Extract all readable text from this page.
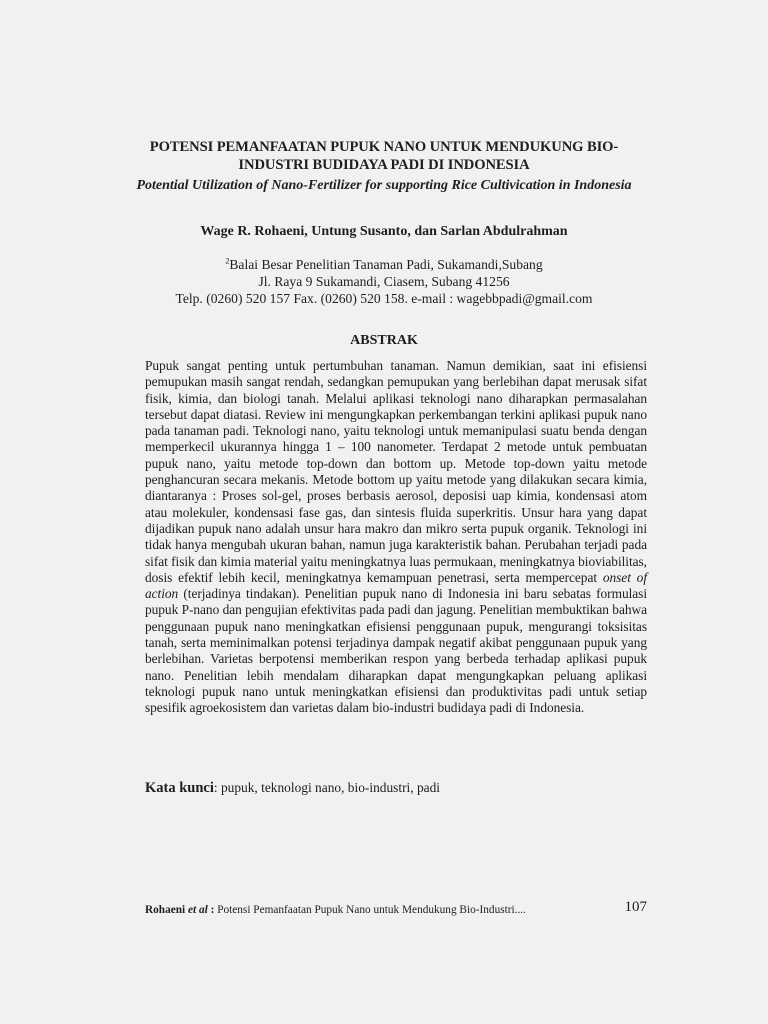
POTENSI PEMANFAATAN PUPUK NANO UNTUK MENDUKUNG BIO-INDUSTRI BUDIDAYA PADI DI INDONESIA
Potential Utilization of Nano-Fertilizer for supporting Rice Cultivication in Indonesia
Wage R. Rohaeni, Untung Susanto, dan Sarlan Abdulrahman
$^2$Balai Besar Penelitian Tanaman Padi, Sukamandi,Subang
Jl. Raya 9 Sukamandi, Ciasem, Subang 41256
Telp. (0260) 520 157 Fax. (0260) 520 158. e-mail : wagebbpadi@gmail.com
ABSTRAK

Pupuk sangat penting untuk pertumbuhan tanaman. Namun demikian, saat ini efisiensi pemupukan masih sangat rendah, sedangkan pemupukan yang berlebihan dapat merusak sifat fisik, kimia, dan biologi tanah. Melalui aplikasi teknologi nano diharapkan permasalahan tersebut dapat diatasi. Review ini mengungkapkan perkembangan terkini aplikasi pupuk nano pada tanaman padi. Teknologi nano, yaitu teknologi untuk memanipulasi suatu benda dengan memperkecil ukurannya hingga 1 – 100 nanometer. Terdapat 2 metode untuk pembuatan pupuk nano, yaitu metode top-down dan bottom up. Metode top-down yaitu metode penghancuran secara mekanis. Metode bottom up yaitu metode yang dilakukan secara kimia, diantaranya : Proses sol-gel, proses berbasis aerosol, deposisi uap kimia, kondensasi atom atau molekuler, kondensasi fase gas, dan sintesis fluida superkritis. Unsur hara yang dapat dijadikan pupuk nano adalah unsur hara makro dan mikro serta pupuk organik. Teknologi ini tidak hanya mengubah ukuran bahan, namun juga karakteristik bahan. Perubahan terjadi pada sifat fisik dan kimia material yaitu meningkatnya luas permukaan, meningkatnya bioviabilitas, dosis efektif lebih kecil, meningkatnya kemampuan penetrasi, serta mempercepat onset of action (terjadinya tindakan). Penelitian pupuk nano di Indonesia ini baru sebatas formulasi pupuk P-nano dan pengujian efektivitas pada padi dan jagung. Penelitian membuktikan bahwa penggunaan pupuk nano meningkatkan efisiensi penggunaan pupuk, mengurangi toksisitas tanah, serta meminimalkan potensi terjadinya dampak negatif akibat penggunaan pupuk yang berlebihan. Varietas berpotensi memberikan respon yang berbeda terhadap aplikasi pupuk nano. Penelitian lebih mendalam diharapkan dapat mengungkapkan peluang aplikasi teknologi pupuk nano untuk meningkatkan efisiensi dan produktivitas padi untuk setiap spesifik agroekosistem dan varietas dalam bio-industri budidaya padi di Indonesia.

Kata kunci: pupuk, teknologi nano, bio-industri, padi

Rohaeni et al : Potensi Pemanfaatan Pupuk Nano untuk Mendukung Bio-Industri....	107
